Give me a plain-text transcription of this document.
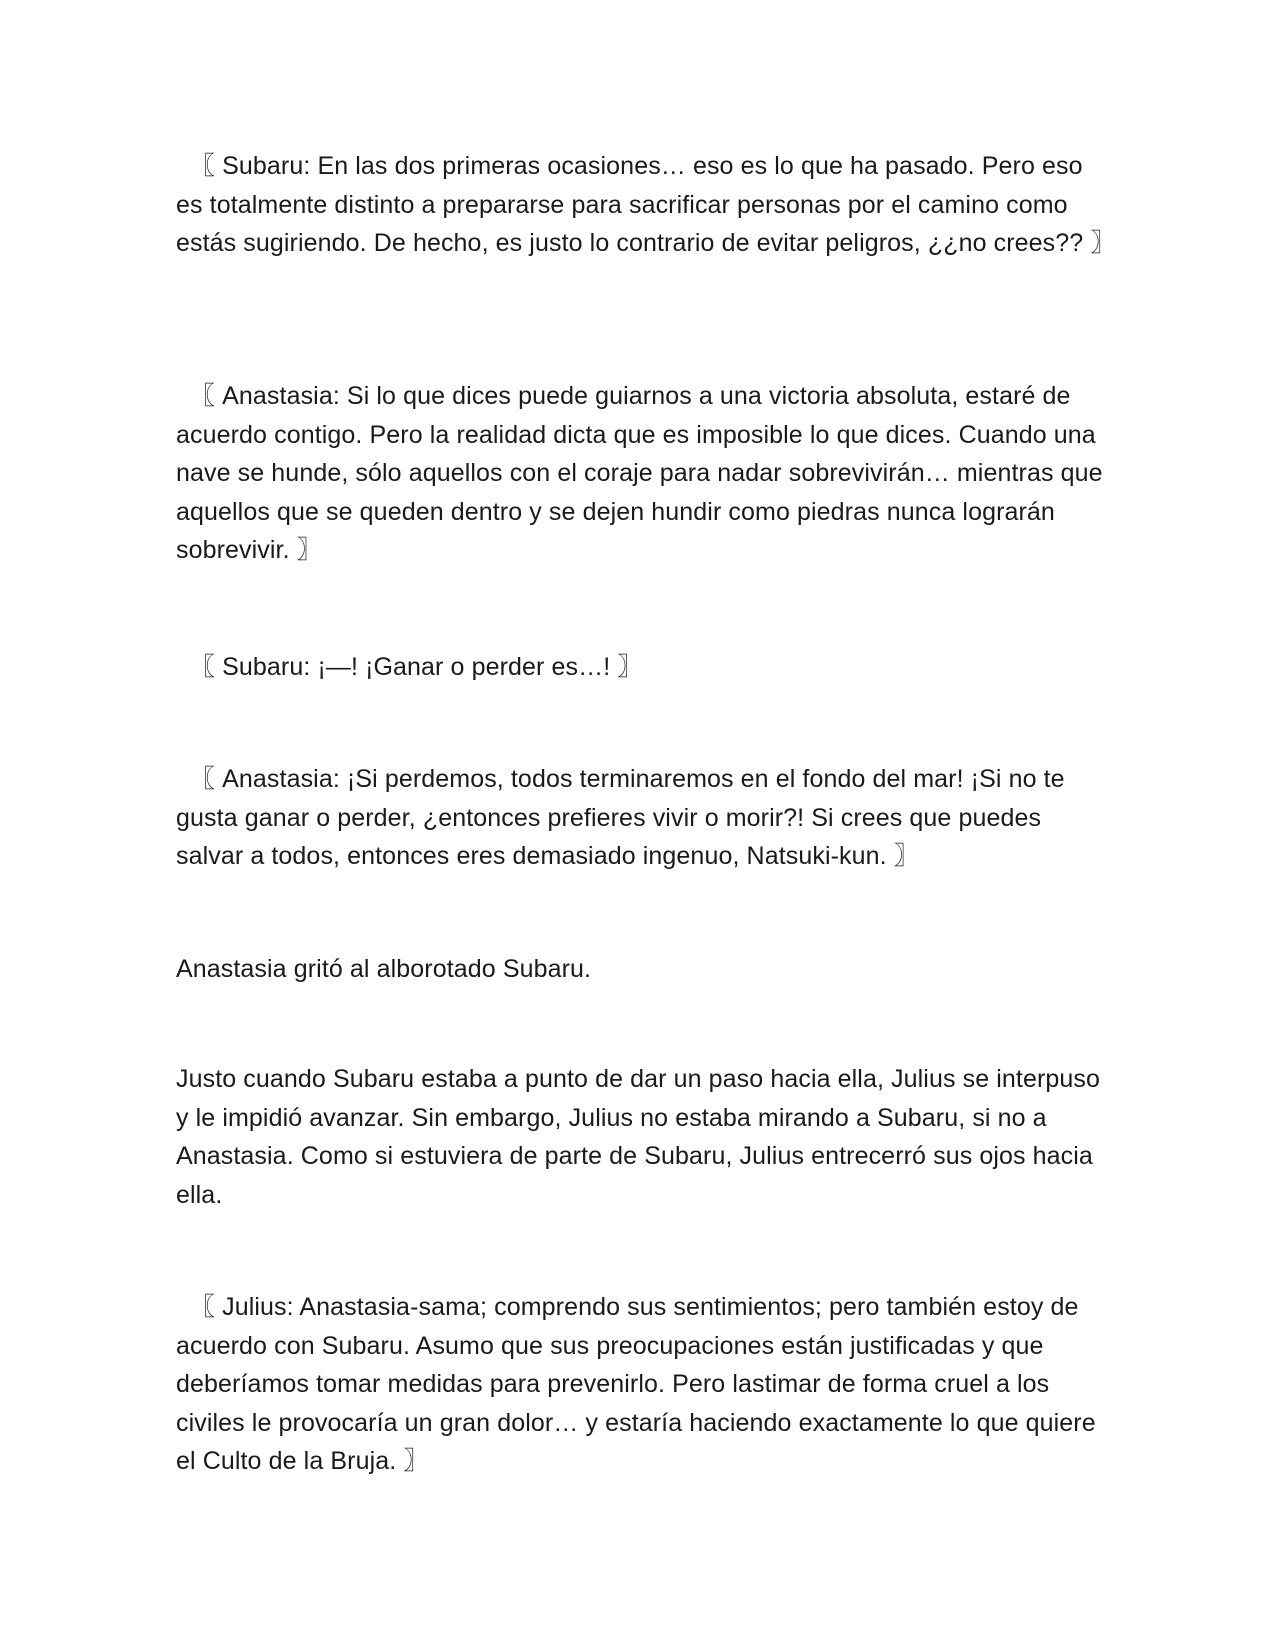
〖 Subaru: En las dos primeras ocasiones… eso es lo que ha pasado. Pero eso es totalmente distinto a prepararse para sacrificar personas por el camino como estás sugiriendo. De hecho, es justo lo contrario de evitar peligros, ¿¿no crees?? 〗

〖 Anastasia: Si lo que dices puede guiarnos a una victoria absoluta, estaré de acuerdo contigo. Pero la realidad dicta que es imposible lo que dices. Cuando una nave se hunde, sólo aquellos con el coraje para nadar sobrevivirán… mientras que aquellos que se queden dentro y se dejen hundir como piedras nunca lograrán sobrevivir. 〗

〖 Subaru: ¡—! ¡Ganar o perder es…! 〗

〖 Anastasia: ¡Si perdemos, todos terminaremos en el fondo del mar! ¡Si no te gusta ganar o perder, ¿entonces prefieres vivir o morir?! Si crees que puedes salvar a todos, entonces eres demasiado ingenuo, Natsuki-kun. 〗

Anastasia gritó al alborotado Subaru.

Justo cuando Subaru estaba a punto de dar un paso hacia ella, Julius se interpuso y le impidió avanzar. Sin embargo, Julius no estaba mirando a Subaru, si no a Anastasia. Como si estuviera de parte de Subaru, Julius entrecerró sus ojos hacia ella.

〖 Julius: Anastasia-sama; comprendo sus sentimientos; pero también estoy de acuerdo con Subaru. Asumo que sus preocupaciones están justificadas y que deberíamos tomar medidas para prevenirlo. Pero lastimar de forma cruel a los civiles le provocaría un gran dolor… y estaría haciendo exactamente lo que quiere el Culto de la Bruja. 〗
